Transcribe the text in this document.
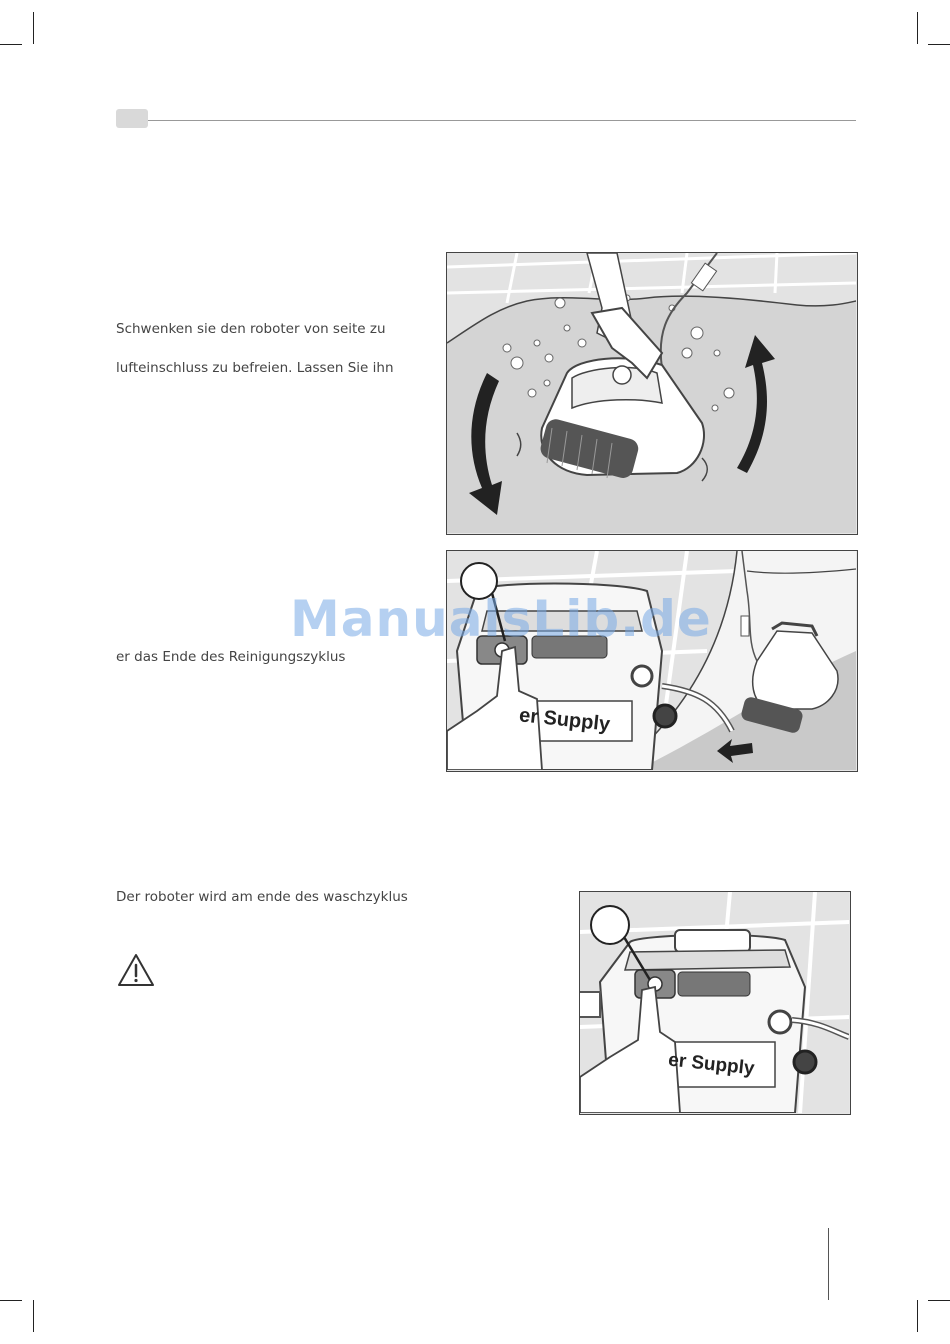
Schwenken sie den roboter von seite zu
lufteinschluss zu befreien. Lassen Sie ihn
er das Ende des Reinigungszyklus
Der roboter wird am ende des waschzyklus
er Supply
er Supply
ManualsLib.de
